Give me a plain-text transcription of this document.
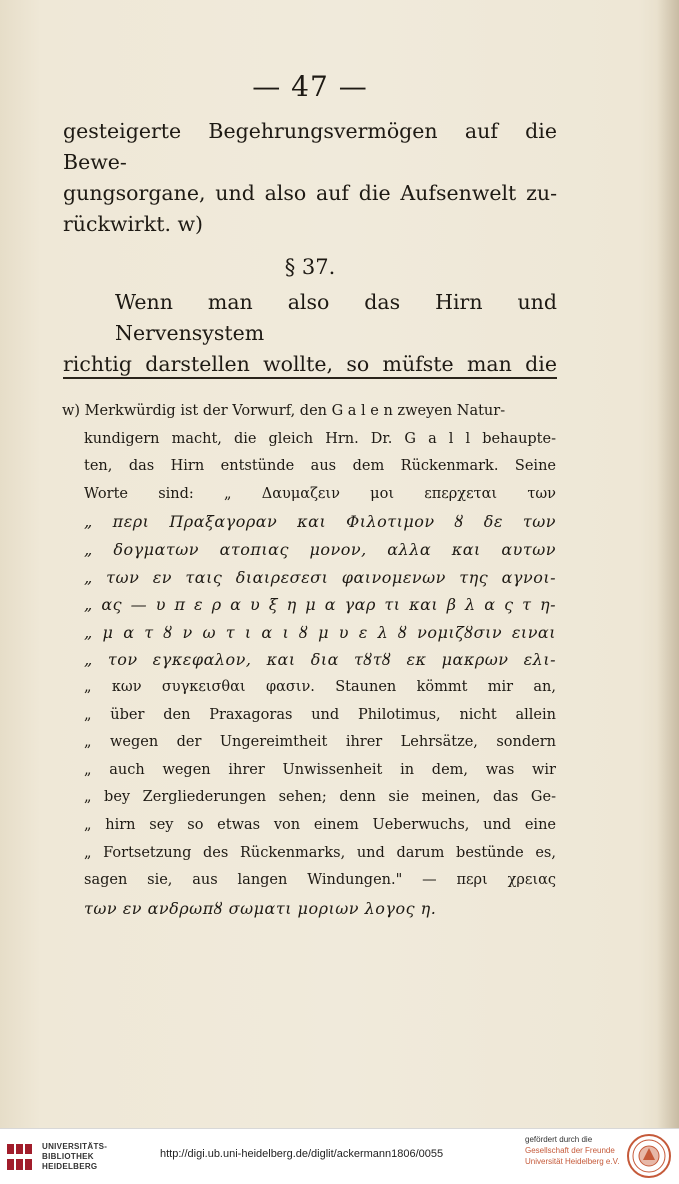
— 47 —
gesteigerte Begehrungsvermögen auf die Bewe-
gungsorgane, und also auf die Aufsenwelt zu-
rückwirkt. w)
§ 37.
Wenn man also das Hirn und Nervensystem
richtig darstellen wollte, so müfste man die
w) Merkwürdig ist der Vorwurf, den G a l e n zweyen Natur-
kundigern macht, die gleich Hrn. Dr. G a l l behaupte-
ten, das Hirn entstünde aus dem Rückenmark. Seine
Worte sind: „ Δαυμαζειν μοι επερχεται των
„ περι Πραξαγοραν και Φιλοτιμον ȣ δε των
„ δογματων ατοπιας μονον, αλλα και αυτων
„ των εν ταις διαιρεσεσι φαινομενων της αγνοι-
„ ας — υ π ε ρ α υ ξ η μ α γαρ τι και β λ α ς τ η-
„ μ α τ ȣ ν ω τ ι α ι ȣ μ υ ε λ ȣ νομιζȣσιν ειναι
„ τον εγκεφαλον, και δια τȣτȣ εκ μακρων ελι-
„ κων συγκεισθαι φασιν. Staunen kömmt mir an,
„ über den Praxagoras und Philotimus, nicht allein
„ wegen der Ungereimtheit ihrer Lehrsätze, sondern
„ auch wegen ihrer Unwissenheit in dem, was wir
„ bey Zergliederungen sehen; denn sie meinen, das Ge-
„ hirn sey so etwas von einem Ueberwuchs, und eine
„ Fortsetzung des Rückenmarks, und darum bestünde es,
sagen sie, aus langen Windungen." — περι χρειας
των εν ανδρωπȣ σωματι μοριων λογος η.
UNIVERSITÄTS-
BIBLIOTHEK
HEIDELBERG
http://digi.ub.uni-heidelberg.de/diglit/ackermann1806/0055
gefördert durch die
Gesellschaft der Freunde
Universität Heidelberg e.V.
